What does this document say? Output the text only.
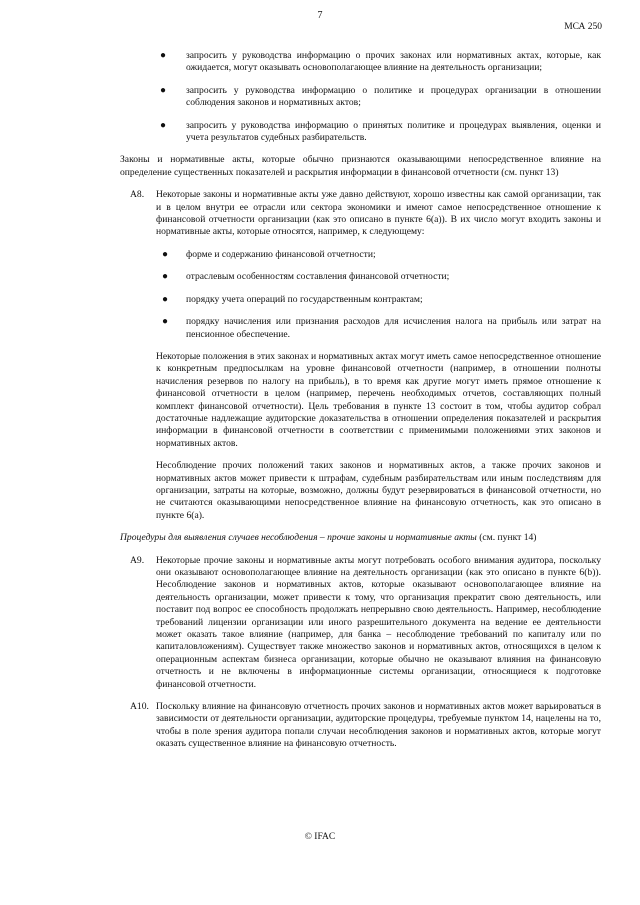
7
МСА 250
● запросить у руководства информацию о прочих законах или нормативных актах, которые, как ожидается, могут оказывать основополагающее влияние на деятельность организации;
● запросить у руководства информацию о политике и процедурах организации в отношении соблюдения законов и нормативных актов;
● запросить у руководства информацию о принятых политике и процедурах выявления, оценки и учета результатов судебных разбирательств.

Законы и нормативные акты, которые обычно признаются оказывающими непосредственное влияние на определение существенных показателей и раскрытия информации в финансовой отчетности (см. пункт 13)

A8. Некоторые законы и нормативные акты уже давно действуют, хорошо известны как самой организации, так и в целом внутри ее отрасли или сектора экономики и имеют самое непосредственное отношение к финансовой отчетности организации (как это описано в пункте 6(a)). В их число могут входить законы и нормативные акты, которые относятся, например, к следующему:

● форме и содержанию финансовой отчетности;
● отраслевым особенностям составления финансовой отчетности;
● порядку учета операций по государственным контрактам;
● порядку начисления или признания расходов для исчисления налога на прибыль или затрат на пенсионное обеспечение.

Некоторые положения в этих законах и нормативных актах могут иметь самое непосредственное отношение к конкретным предпосылкам на уровне финансовой отчетности (например, в отношении полноты начисления резервов по налогу на прибыль), в то время как другие могут иметь прямое отношение к финансовой отчетности в целом (например, перечень необходимых отчетов, составляющих полный комплект финансовой отчетности). Цель требования в пункте 13 состоит в том, чтобы аудитор собрал достаточные надлежащие аудиторские доказательства в отношении определения показателей и раскрытия информации в финансовой отчетности в соответствии с применимыми положениями этих законов и нормативных актов.

Несоблюдение прочих положений таких законов и нормативных актов, а также прочих законов и нормативных актов может привести к штрафам, судебным разбирательствам или иным последствиям для организации, затраты на которые, возможно, должны будут резервироваться в финансовой отчетности, но не считаются оказывающими непосредственное влияние на финансовую отчетность, как это описано в пункте 6(a).

Процедуры для выявления случаев несоблюдения – прочие законы и нормативные акты (см. пункт 14)

A9. Некоторые прочие законы и нормативные акты могут потребовать особого внимания аудитора, поскольку они оказывают основополагающее влияние на деятельность организации (как это описано в пункте 6(b)). Несоблюдение законов и нормативных актов, которые оказывают основополагающее влияние на деятельность организации, может привести к тому, что организация прекратит свою деятельность, или поставит под вопрос ее способность продолжать непрерывно свою деятельность. Например, несоблюдение требований лицензии организации или иного разрешительного документа на ведение ее деятельности может оказать такое влияние (например, для банка – несоблюдение требований по капиталу или по капиталовложениям). Существует также множество законов и нормативных актов, относящихся в целом к операционным аспектам бизнеса организации, которые обычно не оказывают влияния на финансовую отчетность и не включены в информационные системы организации, относящиеся к подготовке финансовой отчетности.

A10. Поскольку влияние на финансовую отчетность прочих законов и нормативных актов может варьироваться в зависимости от деятельности организации, аудиторские процедуры, требуемые пунктом 14, нацелены на то, чтобы в поле зрения аудитора попали случаи несоблюдения законов и нормативных актов, которые могут оказать существенное влияние на финансовую отчетность.

© IFAC
